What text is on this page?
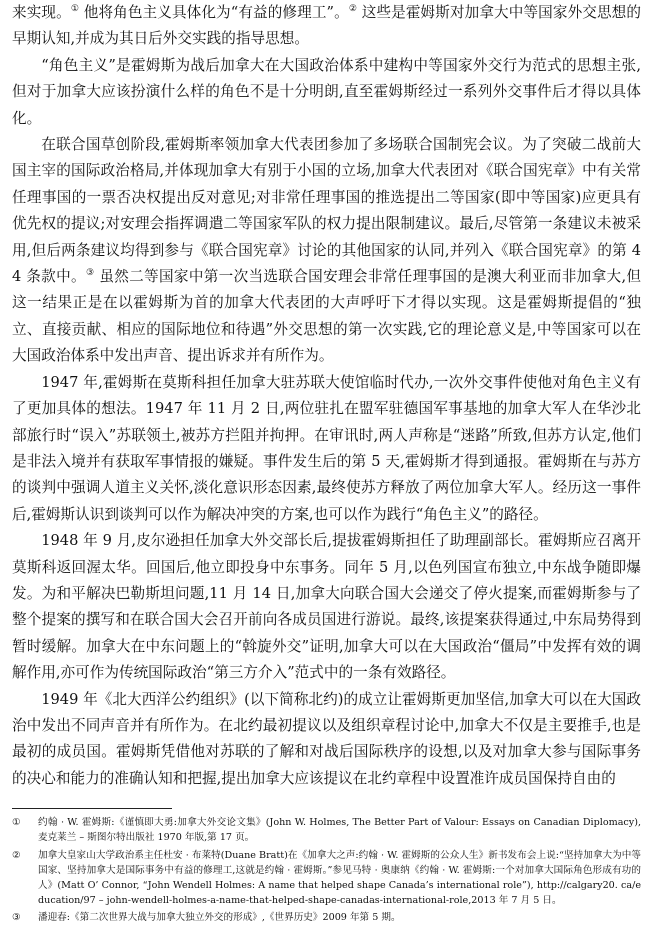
来实现。① 他将角色主义具体化为“有益的修理工”。② 这些是霍姆斯对加拿大中等国家外交思想的早期认知,并成为其日后外交实践的指导思想。

“角色主义”是霍姆斯为战后加拿大在大国政治体系中建构中等国家外交行为范式的思想主张,但对于加拿大应该扮演什么样的角色不是十分明朗,直至霍姆斯经过一系列外交事件后才得以具体化。

在联合国草创阶段,霍姆斯率领加拿大代表团参加了多场联合国制宪会议。为了突破二战前大国主宰的国际政治格局,并体现加拿大有别于小国的立场,加拿大代表团对《联合国宪章》中有关常任理事国的一票否决权提出反对意见;对非常任理事国的推选提出二等国家(即中等国家)应更具有优先权的提议;对安理会指挥调遣二等国家军队的权力提出限制建议。最后,尽管第一条建议未被采用,但后两条建议均得到参与《联合国宪章》讨论的其他国家的认同,并列入《联合国宪章》的第 44 条款中。③ 虽然二等国家中第一次当选联合国安理会非常任理事国的是澳大利亚而非加拿大,但这一结果正是在以霍姆斯为首的加拿大代表团的大声呼吁下才得以实现。这是霍姆斯提倡的“独立、直接贡献、相应的国际地位和待遇”外交思想的第一次实践,它的理论意义是,中等国家可以在大国政治体系中发出声音、提出诉求并有所作为。

1947 年,霍姆斯在莫斯科担任加拿大驻苏联大使馆临时代办,一次外交事件使他对角色主义有了更加具体的想法。1947 年 11 月 2 日,两位驻扎在盟军驻德国军事基地的加拿大军人在华沙北部旅行时“误入”苏联领土,被苏方拦阻并拘押。在审讯时,两人声称是“迷路”所致,但苏方认定,他们是非法入境并有获取军事情报的嫌疑。事件发生后的第 5 天,霍姆斯才得到通报。霍姆斯在与苏方的谈判中强调人道主义关怀,淡化意识形态因素,最终使苏方释放了两位加拿大军人。经历这一事件后,霍姆斯认识到谈判可以作为解决冲突的方案,也可以作为践行“角色主义”的路径。

1948 年 9 月,皮尔逊担任加拿大外交部长后,提拔霍姆斯担任了助理副部长。霍姆斯应召离开莫斯科返回渥太华。回国后,他立即投身中东事务。同年 5 月,以色列国宣布独立,中东战争随即爆发。为和平解决巴勒斯坦问题,11 月 14 日,加拿大向联合国大会递交了停火提案,而霍姆斯参与了整个提案的撰写和在联合国大会召开前向各成员国进行游说。最终,该提案获得通过,中东局势得到暂时缓解。加拿大在中东问题上的“斡旋外交”证明,加拿大可以在大国政治“僵局”中发挥有效的调解作用,亦可作为传统国际政治“第三方介入”范式中的一条有效路径。

1949 年《北大西洋公约组织》(以下简称北约)的成立让霍姆斯更加坚信,加拿大可以在大国政治中发出不同声音并有所作为。在北约最初提议以及组织章程讨论中,加拿大不仅是主要推手,也是最初的成员国。霍姆斯凭借他对苏联的了解和对战后国际秩序的设想,以及对加拿大参与国际事务的决心和能力的准确认知和把握,提出加拿大应该提议在北约章程中设置准许成员国保持自由的

①	约翰 · W. 霍姆斯:《谨慎即大勇:加拿大外交论文集》(John W. Holmes, The Better Part of Valour: Essays on Canadian Diplomacy),麦克莱兰 – 斯图尔特出版社 1970 年版,第 17 页。
②	加拿大皇家山大学政治系主任杜安 · 布莱特(Duane Bratt)在《加拿大之声:约翰 · W. 霍姆斯的公众人生》新书发布会上说:“坚持加拿大为中等国家、坚持加拿大是国际事务中有益的修理工,这就是约翰 · 霍姆斯。”参见马特 · 奥康纳《约翰 · W. 霍姆斯:一个对加拿大国际角色形成有功的人》(Matt O’ Connor, “John Wendell Holmes: A name that helped shape Canada’s international role”), http://calgary20. ca/education/97 – john-wendell-holmes-a-name-that-helped-shape-canadas-international-role,2013 年 7 月 5 日。
③	潘迎春:《第二次世界大战与加拿大独立外交的形成》,《世界历史》2009 年第 5 期。
